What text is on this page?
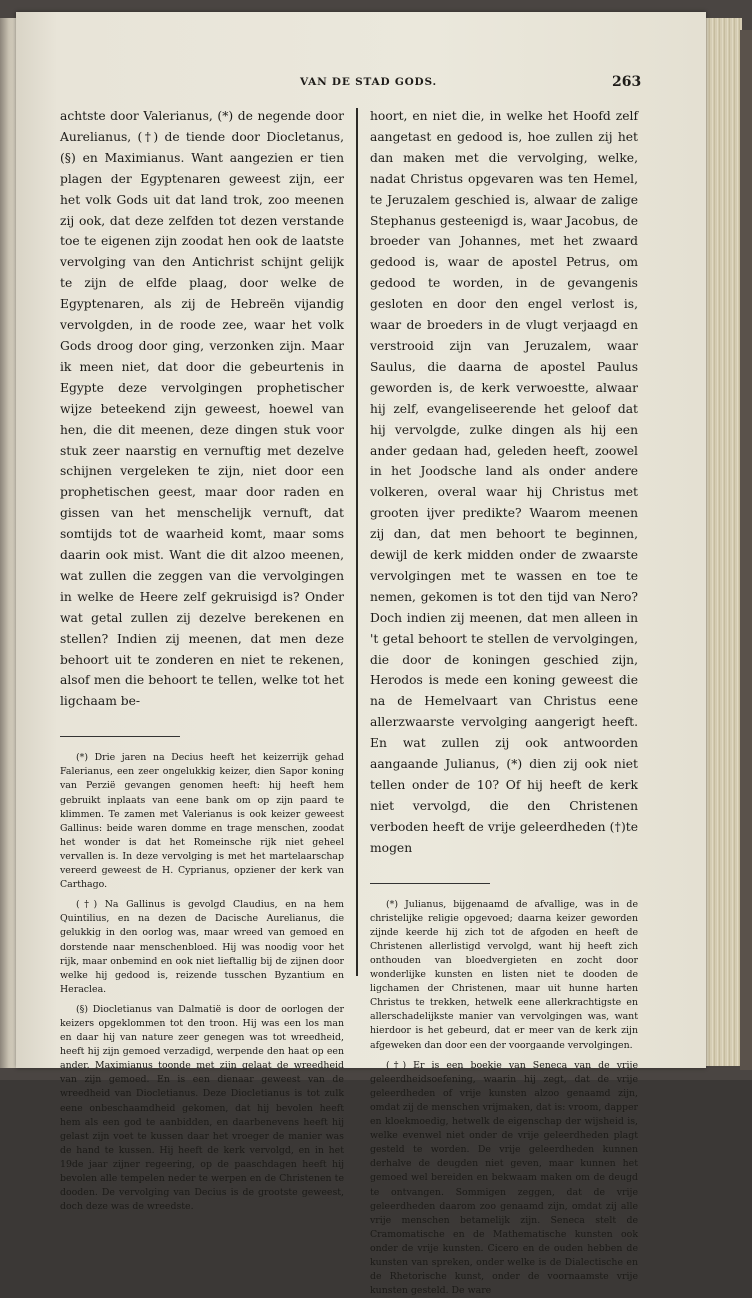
VAN DE STAD GODS.	263

achtste door Valerianus, (*) de negende door Aurelianus, (†) de tiende door Diocletanus, (§) en Maximianus. Want aangezien er tien plagen der Egyptenaren geweest zijn, eer het volk Gods uit dat land trok, zoo meenen zij ook, dat deze zelfden tot dezen verstande toe te eigenen zijn zoodat hen ook de laatste vervolging van den Antichrist schijnt gelijk te zijn de elfde plaag, door welke de Egyptenaren, als zij de Hebreën vijandig vervolgden, in de roode zee, waar het volk Gods droog door ging, verzonken zijn. Maar ik meen niet, dat door die gebeurtenis in Egypte deze vervolgingen prophetischer wijze beteekend zijn geweest, hoewel van hen, die dit meenen, deze dingen stuk voor stuk zeer naarstig en vernuftig met dezelve schijnen vergeleken te zijn, niet door een prophetischen geest, maar door raden en gissen van het menschelijk vernuft, dat somtijds tot de waarheid komt, maar soms daarin ook mist. Want die dit alzoo meenen, wat zullen die zeggen van die vervolgingen in welke de Heere zelf gekruisigd is? Onder wat getal zullen zij dezelve berekenen en stellen? Indien zij meenen, dat men deze behoort uit te zonderen en niet te rekenen, alsof men die behoort te tellen, welke tot het ligchaam be-

(*) Drie jaren na Decius heeft het keizerrijk gehad Falerianus, een zeer ongelukkig keizer, dien Sapor koning van Perzië gevangen genomen heeft: hij heeft hem gebruikt inplaats van eene bank om op zijn paard te klimmen. Te zamen met Valerianus is ook keizer geweest Gallinus: beide waren domme en trage menschen, zoodat het wonder is dat het Romeinsche rijk niet geheel vervallen is. In deze vervolging is met het martelaarschap vereerd geweest de H. Cyprianus, opziener der kerk van Carthago.

(†) Na Gallinus is gevolgd Claudius, en na hem Quintilius, en na dezen de Dacische Aurelianus, die gelukkig in den oorlog was, maar wreed van gemoed en dorstende naar menschenbloed. Hij was noodig voor het rijk, maar onbemind en ook niet lieftallig bij de zijnen door welke hij gedood is, reizende tusschen Byzantium en Heraclea.

(§) Diocletianus van Dalmatië is door de oorlogen der keizers opgeklommen tot den troon. Hij was een los man en daar hij van nature zeer genegen was tot wreedheid, heeft hij zijn gemoed verzadigd, werpende den haat op een ander. Maximianus toonde met zijn gelaat de wreedheid van zijn gemoed. En is een dienaar geweest van de wreedheid van Diocletianus. Deze Diocletianus is tot zulk eene onbeschaamdheid gekomen, dat hij bevolen heeft hem als een god te aanbidden, en daarbenevens heeft hij gelast zijn voet te kussen daar het vroeger de manier was de hand te kussen. Hij heeft de kerk vervolgd, en in het 19de jaar zijner regeering, op de paaschdagen heeft hij bevolen alle tempelen neder te werpen en de Christenen te dooden. De vervolging van Decius is de grootste geweest, doch deze was de wreedste.

hoort, en niet die, in welke het Hoofd zelf aangetast en gedood is, hoe zullen zij het dan maken met die vervolging, welke, nadat Christus opgevaren was ten Hemel, te Jeruzalem geschied is, alwaar de zalige Stephanus gesteenigd is, waar Jacobus, de broeder van Johannes, met het zwaard gedood is, waar de apostel Petrus, om gedood te worden, in de gevangenis gesloten en door den engel verlost is, waar de broeders in de vlugt verjaagd en verstrooid zijn van Jeruzalem, waar Saulus, die daarna de apostel Paulus geworden is, de kerk verwoestte, alwaar hij zelf, evangeliseerende het geloof dat hij vervolgde, zulke dingen als hij een ander gedaan had, geleden heeft, zoowel in het Joodsche land als onder andere volkeren, overal waar hij Christus met grooten ijver predikte? Waarom meenen zij dan, dat men behoort te beginnen, dewijl de kerk midden onder de zwaarste vervolgingen met te wassen en toe te nemen, gekomen is tot den tijd van Nero? Doch indien zij meenen, dat men alleen in 't getal behoort te stellen de vervolgingen, die door de koningen geschied zijn, Herodos is mede een koning geweest die na de Hemelvaart van Christus eene allerzwaarste vervolging aangerigt heeft. En wat zullen zij ook antwoorden aangaande Julianus, (*) dien zij ook niet tellen onder de 10? Of hij heeft de kerk niet vervolgd, die den Christenen verboden heeft de vrije geleerdheden (†)te mogen

(*) Julianus, bijgenaamd de afvallige, was in de christelijke religie opgevoed; daarna keizer geworden zijnde keerde hij zich tot de afgoden en heeft de Christenen allerlistigd vervolgd, want hij heeft zich onthouden van bloedvergieten en zocht door wonderlijke kunsten en listen niet te dooden de ligchamen der Christenen, maar uit hunne harten Christus te trekken, hetwelk eene allerkrachtigste en allerschadelijkste manier van vervolgingen was, want hierdoor is het gebeurd, dat er meer van de kerk zijn afgeweken dan door een der voorgaande vervolgingen.

(†) Er is een boekje van Seneca van de vrije geleerdheidsoefening, waarin hij zegt, dat de vrije geleerdheden of vrije kunsten alzoo genaamd zijn, omdat zij de menschen vrijmaken, dat is: vroom, dapper en kloekmoedig, hetwelk de eigenschap der wijsheid is, welke evenwel niet onder de vrije geleerdheden plagt gesteld te worden. De vrije geleerdheden kunnen derhalve de deugden niet geven, maar kunnen het gemoed wel bereiden en bekwaam maken om de deugd te ontvangen. Sommigen zeggen, dat de vrije geleerdheden daarom zoo genaamd zijn, omdat zij alle vrije menschen betamelijk zijn. Seneca stelt de Cramomatische en de Mathematische kunsten ook onder de vrije kunsten. Cicero en de ouden hebben de kunsten van spreken, onder welke is de Dialectische en de Rhetorische kunst, onder de voornaamste vrije kunsten gesteld. De ware
